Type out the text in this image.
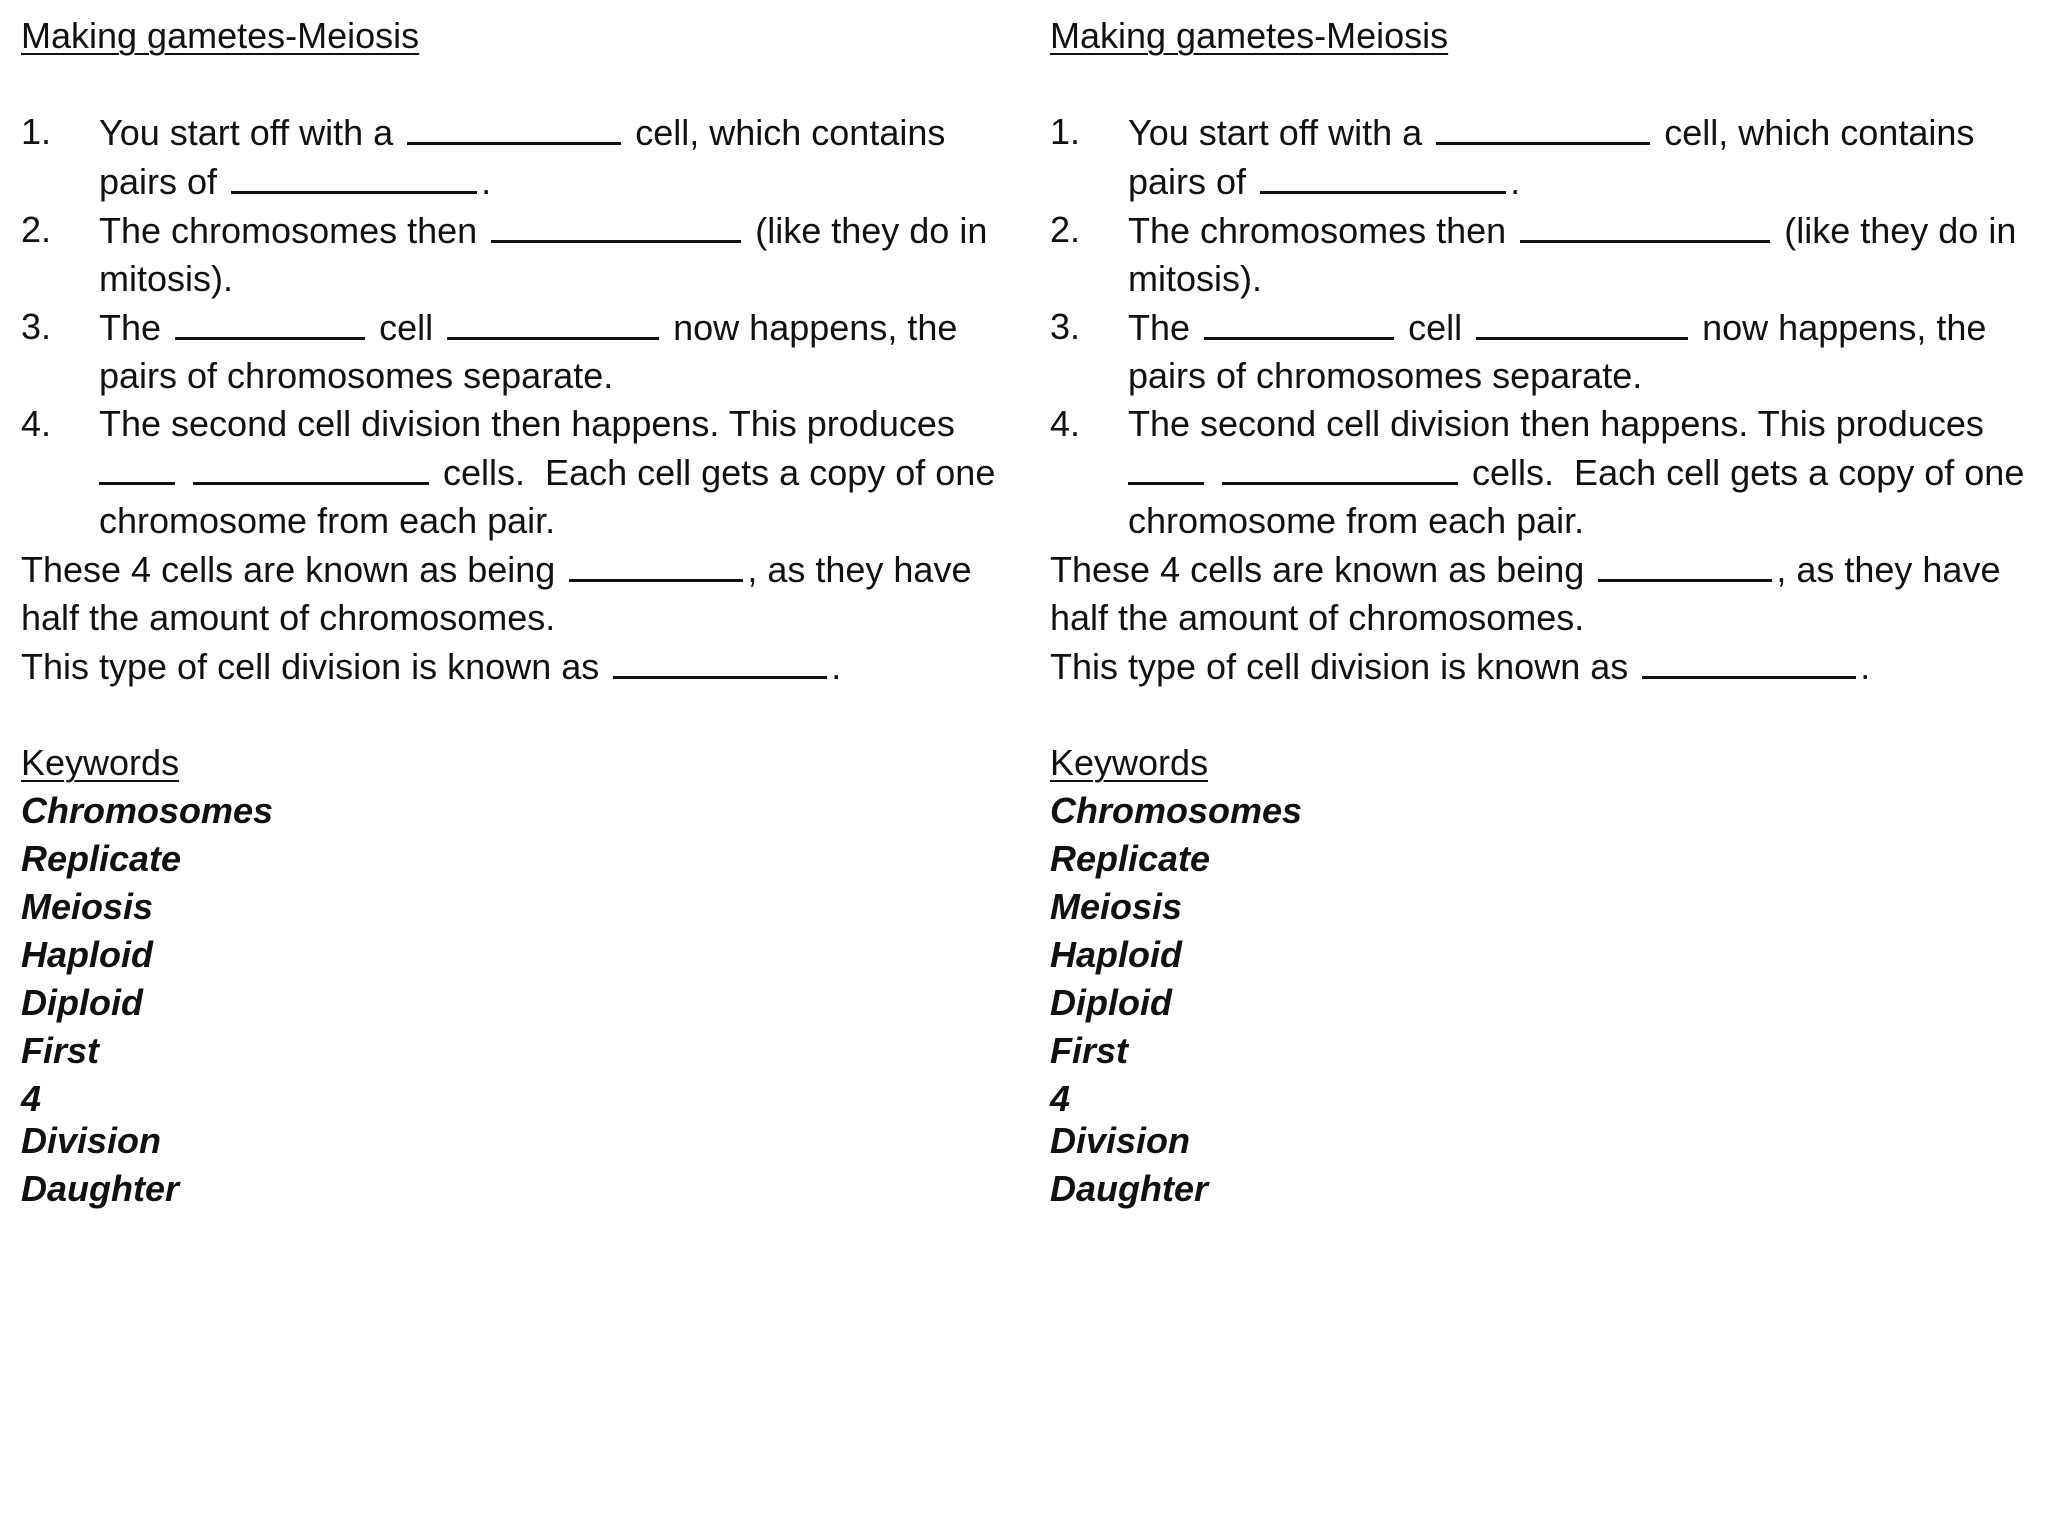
Making gametes-Meiosis

1.	You start off with a	cell, which contains
pairs of	.
2.	The chromosomes then	(like they do in
mitosis).
3.	The	cell	now happens, the
pairs of chromosomes separate.
4.	The second cell division then happens. This produces
cells.  Each cell gets a copy of one
chromosome from each pair.

These 4 cells are known as being	, as they have
half the amount of chromosomes.

This type of cell division is known as	.

Keywords

Chromosomes
Replicate
Meiosis
Haploid
Diploid
First
4
Division
Daughter

Making gametes-Meiosis

1.	You start off with a	cell, which contains
pairs of	.
2.	The chromosomes then	(like they do in
mitosis).
3.	The	cell	now happens, the
pairs of chromosomes separate.
4.	The second cell division then happens. This produces
cells.  Each cell gets a copy of one
chromosome from each pair.

These 4 cells are known as being	, as they have
half the amount of chromosomes.

This type of cell division is known as	.

Keywords

Chromosomes
Replicate
Meiosis
Haploid
Diploid
First
4
Division
Daughter
